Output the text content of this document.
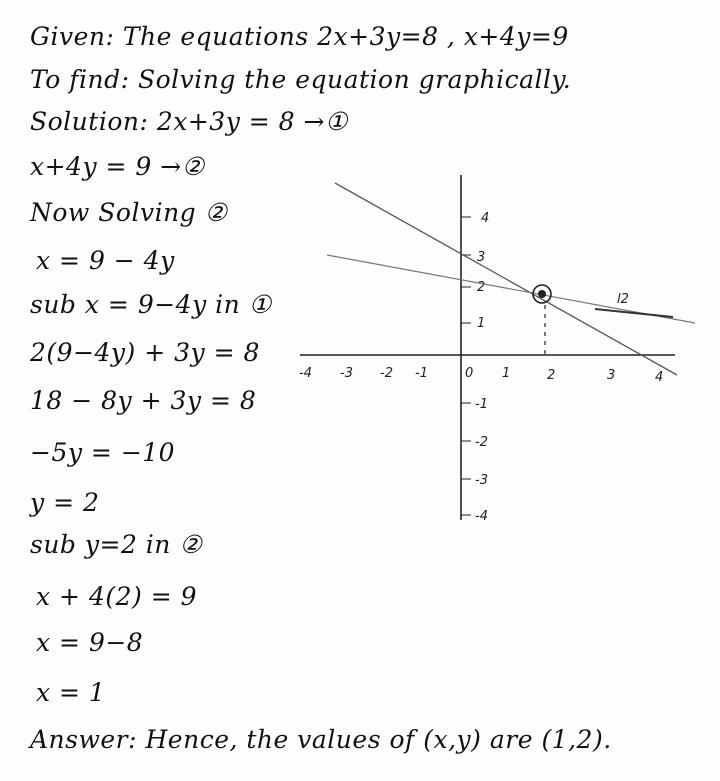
Given: The equations 2x+3y=8 , x+4y=9
To find: Solving the equation graphically.
Solution: 2x+3y = 8 →①
x+4y = 9 →②
Now Solving ②
x = 9 − 4y
sub x = 9−4y in ①
2(9−4y) + 3y = 8
18 − 8y + 3y = 8
−5y = −10
y = 2
sub y=2 in ②
x + 4(2) = 9
x = 9−8
x = 1
Answer: Hence, the values of (x,y) are (1,2).
-4 -3 -2 -1	0 1	2	3	4
4
3
2
1
-1
-2
-3
-4
l2
